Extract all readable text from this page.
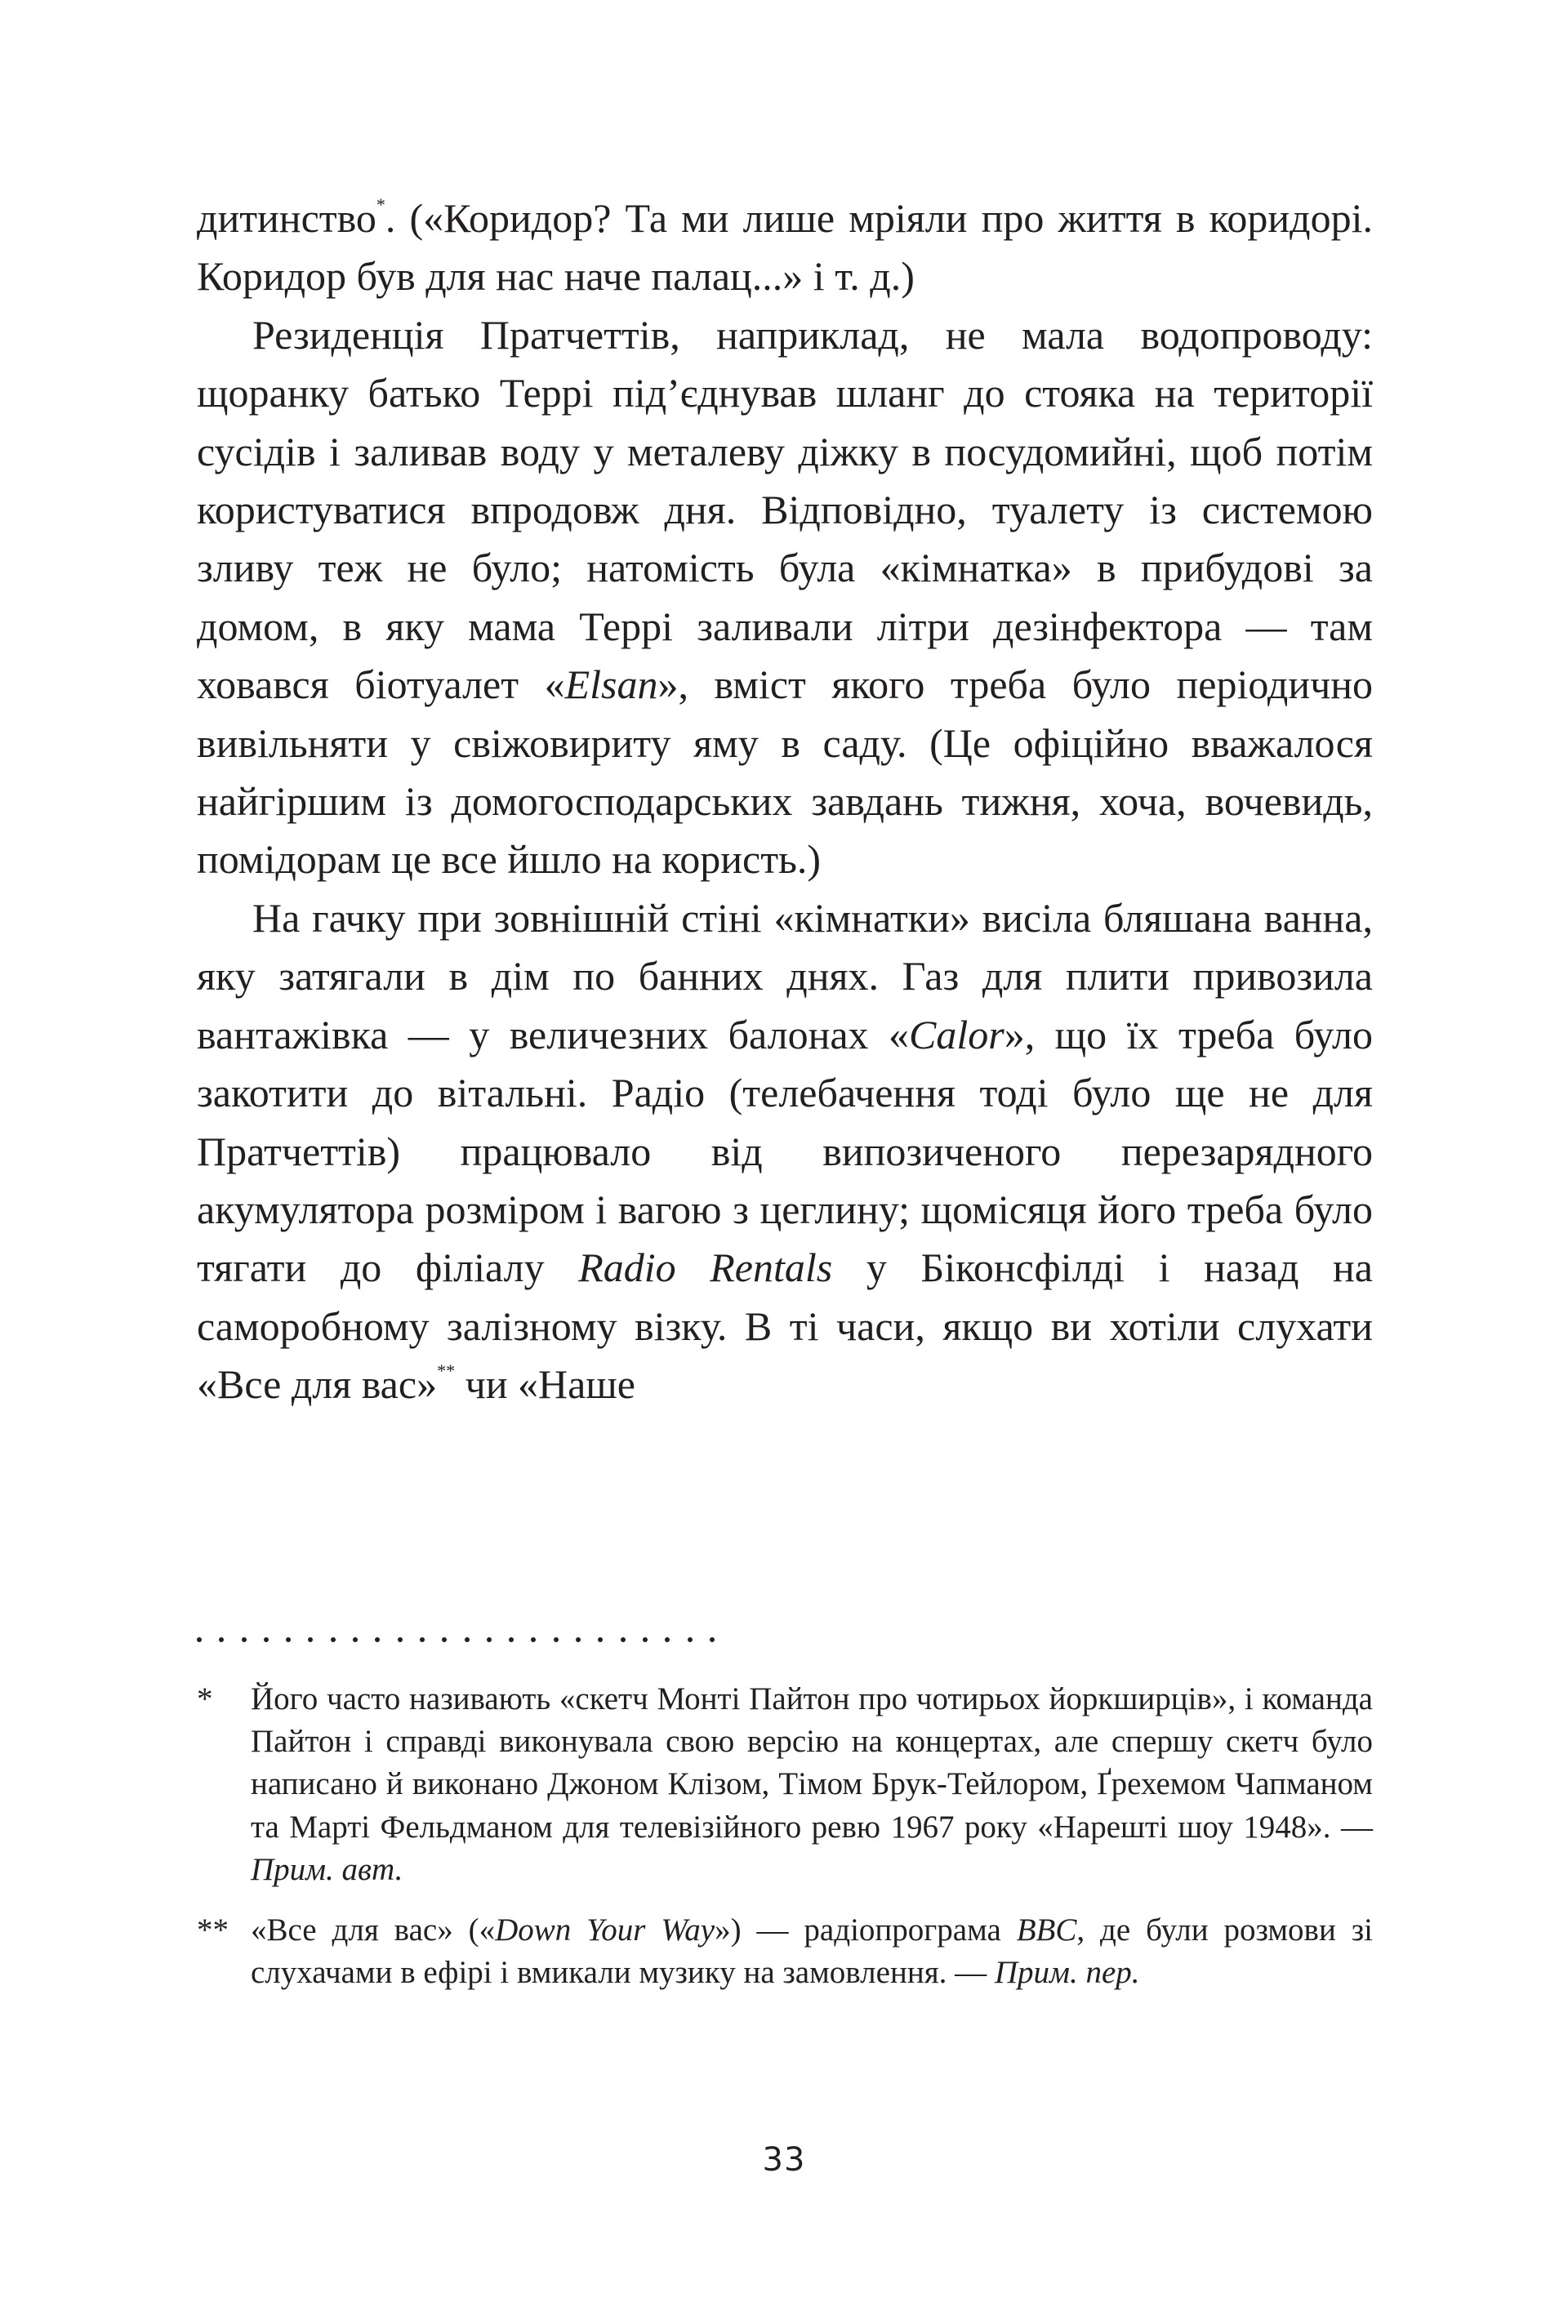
дитинство*. («Коридор? Та ми лише мріяли про життя в коридорі. Коридор був для нас наче палац...» і т. д.)

Резиденція Пратчеттів, наприклад, не мала водопроводу: щоранку батько Террі під’єднував шланг до стояка на території сусідів і заливав воду у металеву діжку в посудомийні, щоб потім користуватися впродовж дня. Відповідно, туалету із системою зливу теж не було; натомість була «кімнатка» в прибудові за домом, в яку мама Террі заливали літри дезінфектора — там ховався біотуалет «Elsan», вміст якого треба було періодично вивільняти у свіжовириту яму в саду. (Це офіційно вважалося найгіршим із домогосподарських завдань тижня, хоча, вочевидь, помідорам це все йшло на користь.)

На гачку при зовнішній стіні «кімнатки» висіла бляшана ванна, яку затягали в дім по банних днях. Газ для плити привозила вантажівка — у величезних балонах «Calor», що їх треба було закотити до вітальні. Радіо (телебачення тоді було ще не для Пратчеттів) працювало від випозиченого перезарядного акумулятора розміром і вагою з цеглину; щомісяця його треба було тягати до філіалу Radio Rentals у Біконсфілді і назад на саморобному залізному візку. В ті часи, якщо ви хотіли слухати «Все для вас»** чи «Наше

*	Його часто називають «скетч Монті Пайтон про чотирьох йоркширців», і команда Пайтон і справді виконувала свою версію на концертах, але спершу скетч було написано й виконано Джоном Клізом, Тімом Брук-Тейлором, Ґрехемом Чапманом та Марті Фельдманом для телевізійного ревю 1967 року «Нарешті шоу 1948». — Прим. авт.
** «Все для вас» («Down Your Way») — радіопрограма BBC, де були розмови зі слухачами в ефірі і вмикали музику на замовлення. — Прим. пер.
33
